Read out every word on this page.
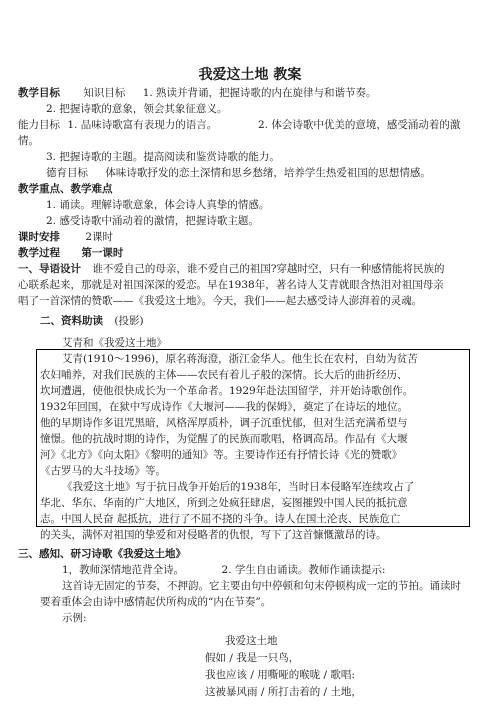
我爱这土地 教案
教学目标 知识目标 1. 熟读并背诵，把握诗歌的内在旋律与和谐节奏。
2. 把握诗歌的意象，领会其象征意义。
能力目标 1. 品味诗歌富有表现力的语言。	2. 体会诗歌中优美的意境，感受涌动着的激
情。
3. 把握诗歌的主题。提高阅读和鉴赏诗歌的能力。
德育目标 体味诗歌抒发的恋土深情和思乡愁绪，培养学生热爱祖国的思想情感。
教学重点、教学难点
1. 诵读。理解诗歌意象，体会诗人真挚的情感。
2. 感受诗歌中涌动着的激情，把握诗歌主题。
课时安排 2课时
教学过程 第一课时
一、导语设计 谁不爱自己的母亲，谁不爱自己的祖国?穿越时空，只有一种感情能将民族的
心联系起来，那就是对祖国深深的爱恋。早在1938年，著名诗人艾青就眼含热泪对祖国母亲
唱了一首深情的赞歌——《我爱这土地》。今天，我们——起去感受诗人澎湃着的灵魂。
二、资料助读 (投影)
艾青和《我爱这土地》
艾青(1910～1996)，原名蒋海澄，浙江金华人。他生长在农村，自幼为贫苦
农妇哺养，对我们民族的主体——农民有着儿子般的深情。长大后的曲折经历、
坎坷遭遇，使他很快成长为一个革命者。1929年赴法国留学，并开始诗歌创作。
1932年回国，在狱中写成诗作《大堰河——我的保姆》，奠定了在诗坛的地位。
他的早期诗作多诅咒黑暗，风格浑厚质朴，调子沉重忧郁，但对生活充满希望与
憧憬。他的抗战时期的诗作，为觉醒了的民族而歌唱，格调高昂。作品有《大堰
河》《北方》《向太阳》《黎明的通知》等。主要诗作还有抒情长诗《光的赞歌》
《古罗马的大斗技场》等。
《我爱这土地》写于抗日战争开始后的1938年，当时日本侵略军连续攻占了
华北、华东、华南的广大地区，所到之处疯狂肆虐，妄图摧毁中国人民的抵抗意
志。中国人民奋 起抵抗，进行了不屈不挠的斗争。诗人在国土沦丧、民族危亡
的关头，满怀对祖国的挚爱和对侵略者的仇恨，写下了这首慷慨激昂的诗。
三、感知、研习诗歌《我爱这土地》
1，教师深情地范背全诗。	2. 学生自由诵读。教师作诵读提示:
这首诗无固定的节奏，不押韵。它主要由句中停顿和句末停顿构成一定的节拍。诵读时
要着重体会由诗中感情起伏所构成的“内在节奏”。
示例:
我爱这土地
假如 / 我是一只鸟，
我也应该 / 用嘶哑的喉咙 / 歌唱:
这被暴风雨 / 所打击着的 / 土地，
